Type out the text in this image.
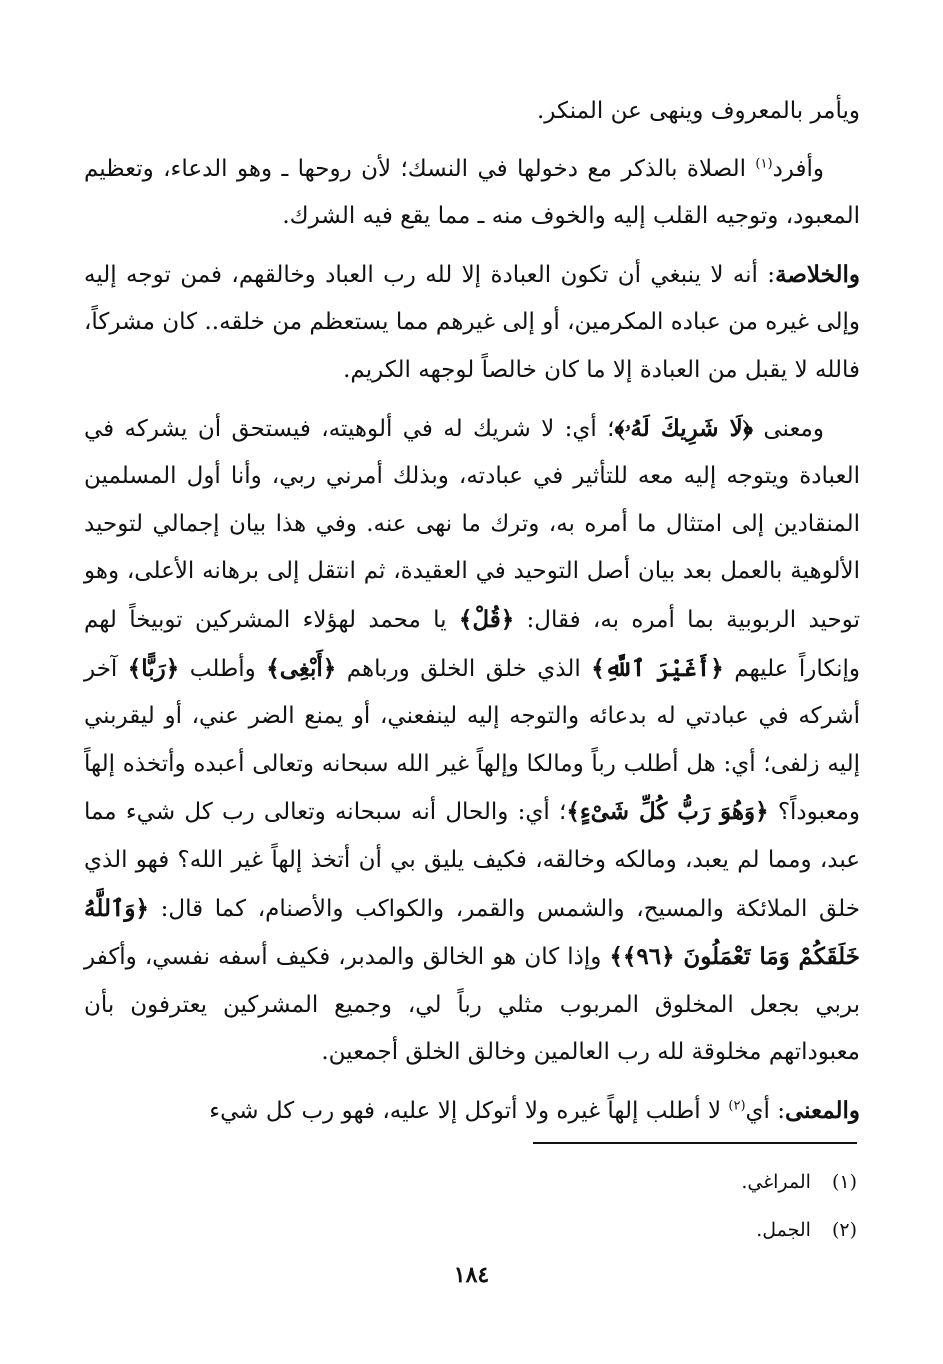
ويأمر بالمعروف وينهى عن المنكر.

وأفرد$^{(١)}$ الصلاة بالذكر مع دخولها في النسك؛ لأن روحها ـ وهو الدعاء، وتعظيم المعبود، وتوجيه القلب إليه والخوف منه ـ مما يقع فيه الشرك.

والخلاصة: أنه لا ينبغي أن تكون العبادة إلا لله رب العباد وخالقهم، فمن توجه إليه وإلى غيره من عباده المكرمين، أو إلى غيرهم مما يستعظم من خلقه.. كان مشركاً، فالله لا يقبل من العبادة إلا ما كان خالصاً لوجهه الكريم.

ومعنى ﴿لَا شَرِيكَ لَهُۥ﴾؛ أي: لا شريك له في ألوهيته، فيستحق أن يشركه في العبادة ويتوجه إليه معه للتأثير في عبادته، وبذلك أمرني ربي، وأنا أول المسلمين المنقادين إلى امتثال ما أمره به، وترك ما نهى عنه. وفي هذا بيان إجمالي لتوحيد الألوهية بالعمل بعد بيان أصل التوحيد في العقيدة، ثم انتقل إلى برهانه الأعلى، وهو توحيد الربوبية بما أمره به، فقال: ﴿قُلْ﴾ يا محمد لهؤلاء المشركين توبيخاً لهم وإنكاراً عليهم ﴿أَغَيْرَ ٱللَّهِ﴾ الذي خلق الخلق ورباهم ﴿أَبْغِى﴾ وأطلب ﴿رَبًّا﴾ آخر أشركه في عبادتي له بدعائه والتوجه إليه لينفعني، أو يمنع الضر عني، أو ليقربني إليه زلفى؛ أي: هل أطلب رباً ومالكا وإلهاً غير الله سبحانه وتعالى أعبده وأتخذه إلهاً ومعبوداً؟ ﴿وَهُوَ رَبُّ كُلِّ شَىْءٍ﴾؛ أي: والحال أنه سبحانه وتعالى رب كل شيء مما عبد، ومما لم يعبد، ومالكه وخالقه، فكيف يليق بي أن أتخذ إلهاً غير الله؟ فهو الذي خلق الملائكة والمسيح، والشمس والقمر، والكواكب والأصنام، كما قال: ﴿وَٱللَّهُ خَلَقَكُمْ وَمَا تَعْمَلُونَ ﴿٩٦﴾﴾ وإذا كان هو الخالق والمدبر، فكيف أسفه نفسي، وأكفر بربي بجعل المخلوق المربوب مثلي رباً لي، وجميع المشركين يعترفون بأن معبوداتهم مخلوقة لله رب العالمين وخالق الخلق أجمعين.

والمعنى: أي$^{(٢)}$ لا أطلب إلهاً غيره ولا أتوكل إلا عليه، فهو رب كل شيء

(١) المراغي.

(٢) الجمل.

١٨٤
